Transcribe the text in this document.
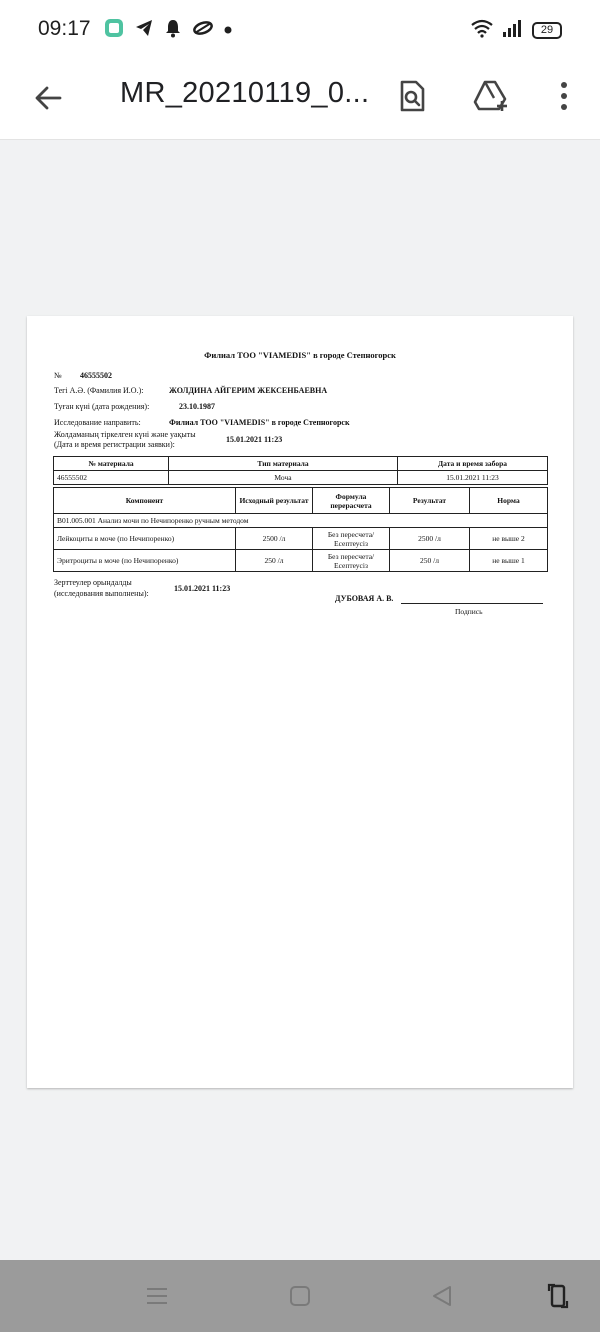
09:17	29
MR_20210119_0...
Филиал ТОО "VIAMEDIS" в городе Степногорск
№ 46555502
Тегі А.Ә. (Фамилия И.О.):	ЖОЛДИНА АЙГЕРИМ ЖЕКСЕНБАЕВНА
Туған күні (дата рождения):	23.10.1987
Исследование направить:	Филиал ТОО "VIAMEDIS" в городе Степногорск
Жолдаманың тіркелген күні және уақыты
(Дата и время регистрации заявки):
15.01.2021 11:23
№ материала	Тип материала	Дата и время забора
46555502	Моча	15.01.2021 11:23
Компонент	Исходный результат	Формула перерасчета	Результат	Норма
B01.005.001 Анализ мочи по Нечипоренко ручным методом				
Лейкоциты в моче (по Нечипоренко)	2500 /л	Без пересчета/ Есептеусіз	2500 /л	не выше 2
Эритроциты в моче (по Нечипоренко)	250 /л	Без пересчета/ Есептеусіз	250 /л	не выше 1
Зерттеулер орындалды
(исследования выполнены):
15.01.2021 11:23
ДУБОВАЯ А. В.
Подпись
